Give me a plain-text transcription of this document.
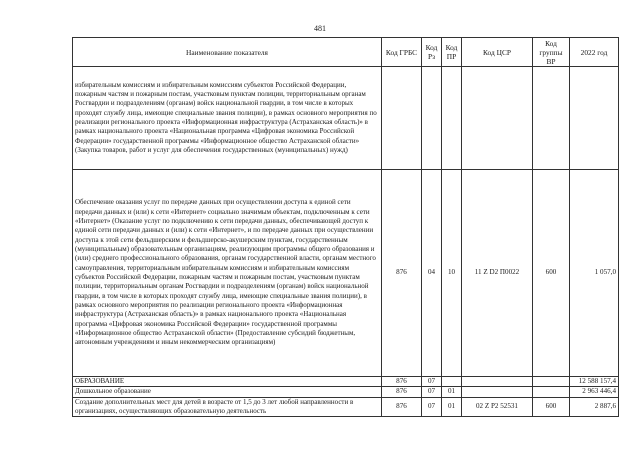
481
Наименование показателя	Код ГРБС	Код Рз	Код ПР	Код ЦСР	Код группы ВР	2022 год
избирательным комиссиям и избирательным комиссиям субъектов Российской Федерации, пожарным частям и пожарным постам, участковым пунктам полиции, территориальным органам Росгвардии и подразделениям (органам) войск национальной гвардии, в том числе в которых проходят службу лица, имеющие специальные звания полиции), в рамках основного мероприятия по реализации регионального проекта «Информационная инфраструктура (Астраханская область)» в рамках национального проекта «Национальная программа «Цифровая экономика Российской Федерации» государственной программы «Информационное общество Астраханской области» (Закупка товаров, работ и услуг для обеспечения государственных (муниципальных) нужд)						
Обеспечение оказания услуг по передаче данных при осуществлении доступа к единой сети передачи данных и (или) к сети «Интернет» социально значимым объектам, подключенным к сети «Интернет» (Оказание услуг по подключению к сети передачи данных, обеспечивающей доступ к единой сети передачи данных и (или) к сети «Интернет», и по передаче данных при осуществлении доступа к этой сети фельдшерским и фельдшерско-акушерским пунктам, государственным (муниципальным) образовательным организациям, реализующим программы общего образования и (или) среднего профессионального образования, органам государственной власти, органам местного самоуправления, территориальным избирательным комиссиям и избирательным комиссиям субъектов Российской Федерации, пожарным частям и пожарным постам, участковым пунктам полиции, территориальным органам Росгвардии и подразделениям (органам) войск национальной гвардии, в том числе в которых проходят службу лица, имеющие специальные звания полиции), в рамках основного мероприятия по реализации регионального проекта «Информационная инфраструктура (Астраханская область)» в рамках национального проекта «Национальная программа «Цифровая экономика Российской Федерации» государственной программы «Информационное общество Астраханской области» (Предоставление субсидий бюджетным, автономным учреждениям и иным некоммерческим организациям)	876	04	10	11 Z D2 П0022	600	1 057,0
ОБРАЗОВАНИЕ	876	07				12 588 157,4
Дошкольное образование	876	07	01			2 963 446,4
Создание дополнительных мест для детей в возрасте от 1,5 до 3 лет любой направленности в организациях, осуществляющих образовательную деятельность	876	07	01	02 Z P2 52531	600	2 887,6
